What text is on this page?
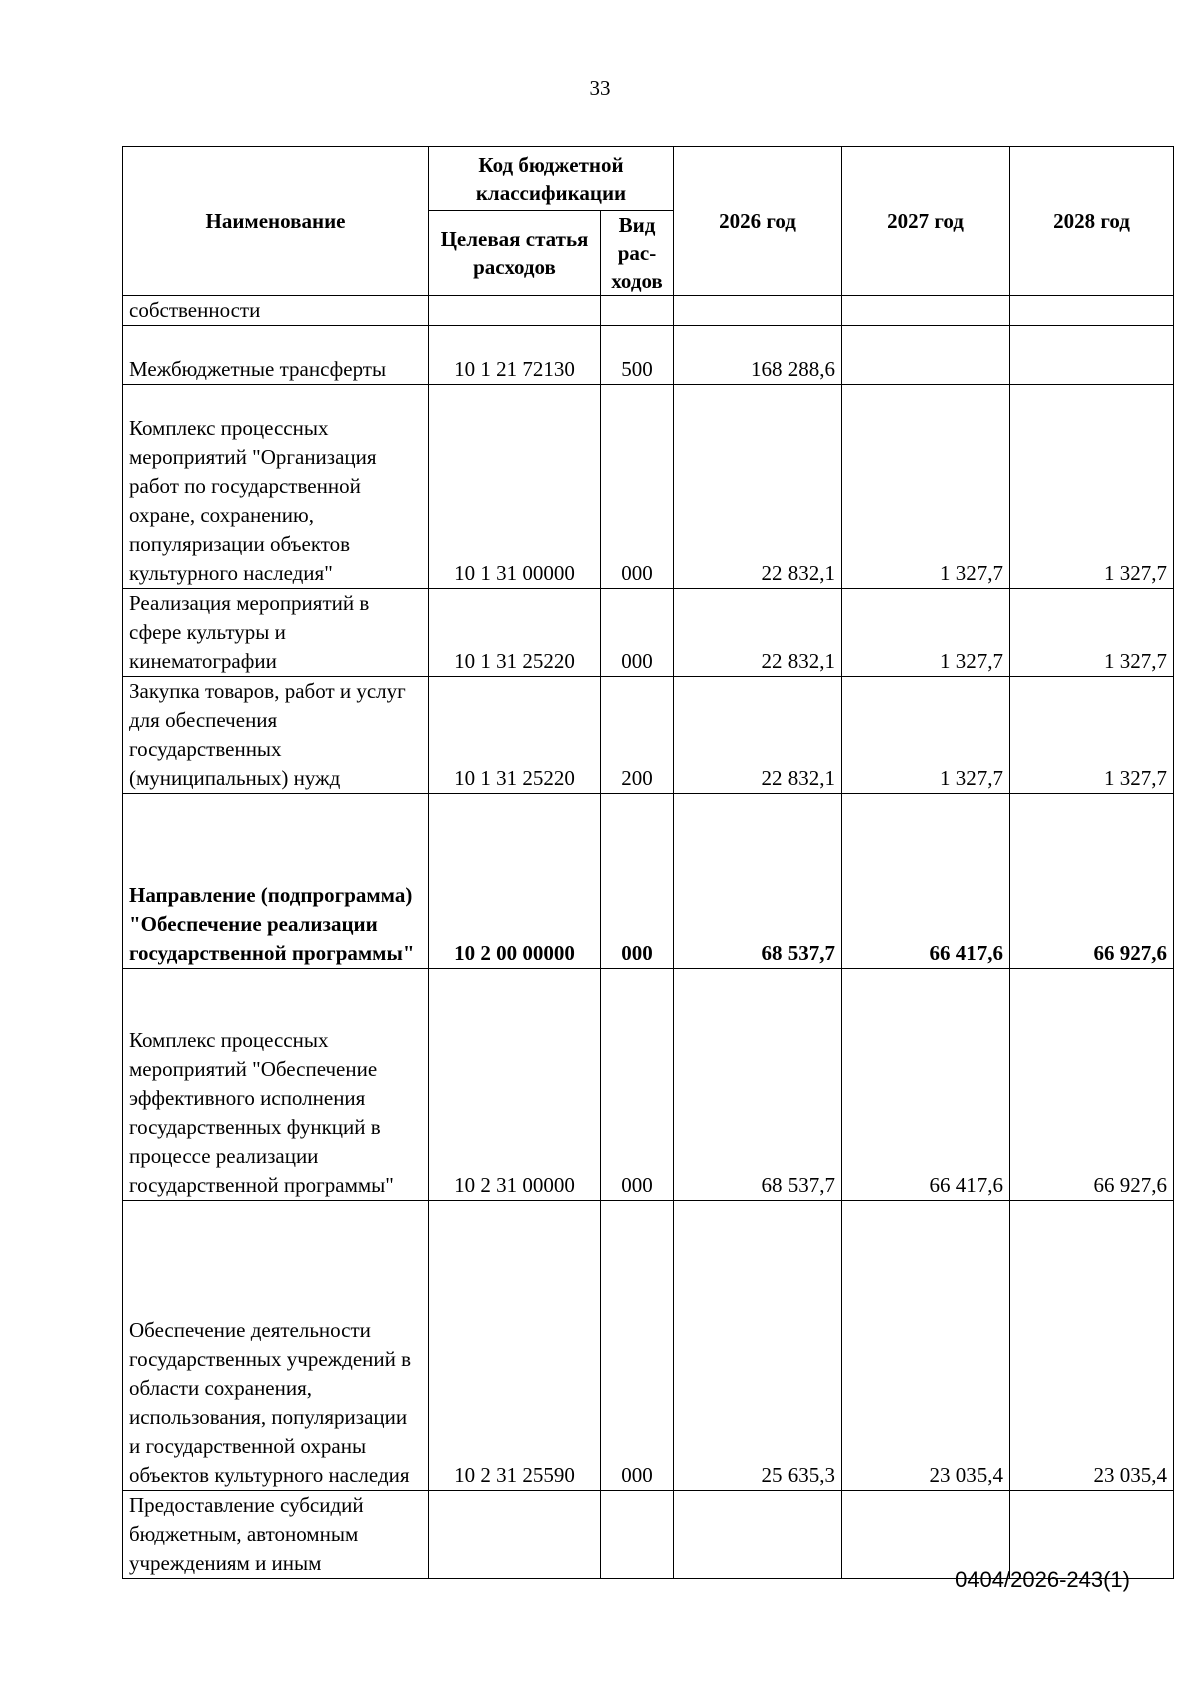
33
Наименование	Код бюджетной классификации		2026 год	2027 год	2028 год
	Целевая статья расходов	Вид рас-ходов			
собственности					
Межбюджетные трансферты	10 1 21 72130	500	168 288,6		
Комплекс процессных мероприятий "Организация работ по государственной охране, сохранению, популяризации объектов культурного наследия"	10 1 31 00000	000	22 832,1	1 327,7	1 327,7
Реализация мероприятий в сфере культуры и кинематографии	10 1 31 25220	000	22 832,1	1 327,7	1 327,7
Закупка товаров, работ и услуг для обеспечения государственных (муниципальных) нужд	10 1 31 25220	200	22 832,1	1 327,7	1 327,7
Направление (подпрограмма) "Обеспечение реализации государственной программы"	10 2 00 00000	000	68 537,7	66 417,6	66 927,6
Комплекс процессных мероприятий "Обеспечение эффективного исполнения государственных функций в процессе реализации государственной программы"	10 2 31 00000	000	68 537,7	66 417,6	66 927,6
Обеспечение деятельности государственных учреждений в области сохранения, использования, популяризации и государственной охраны объектов культурного наследия	10 2 31 25590	000	25 635,3	23 035,4	23 035,4
Предоставление субсидий бюджетным, автономным учреждениям и иным					
0404/2026-243(1)
